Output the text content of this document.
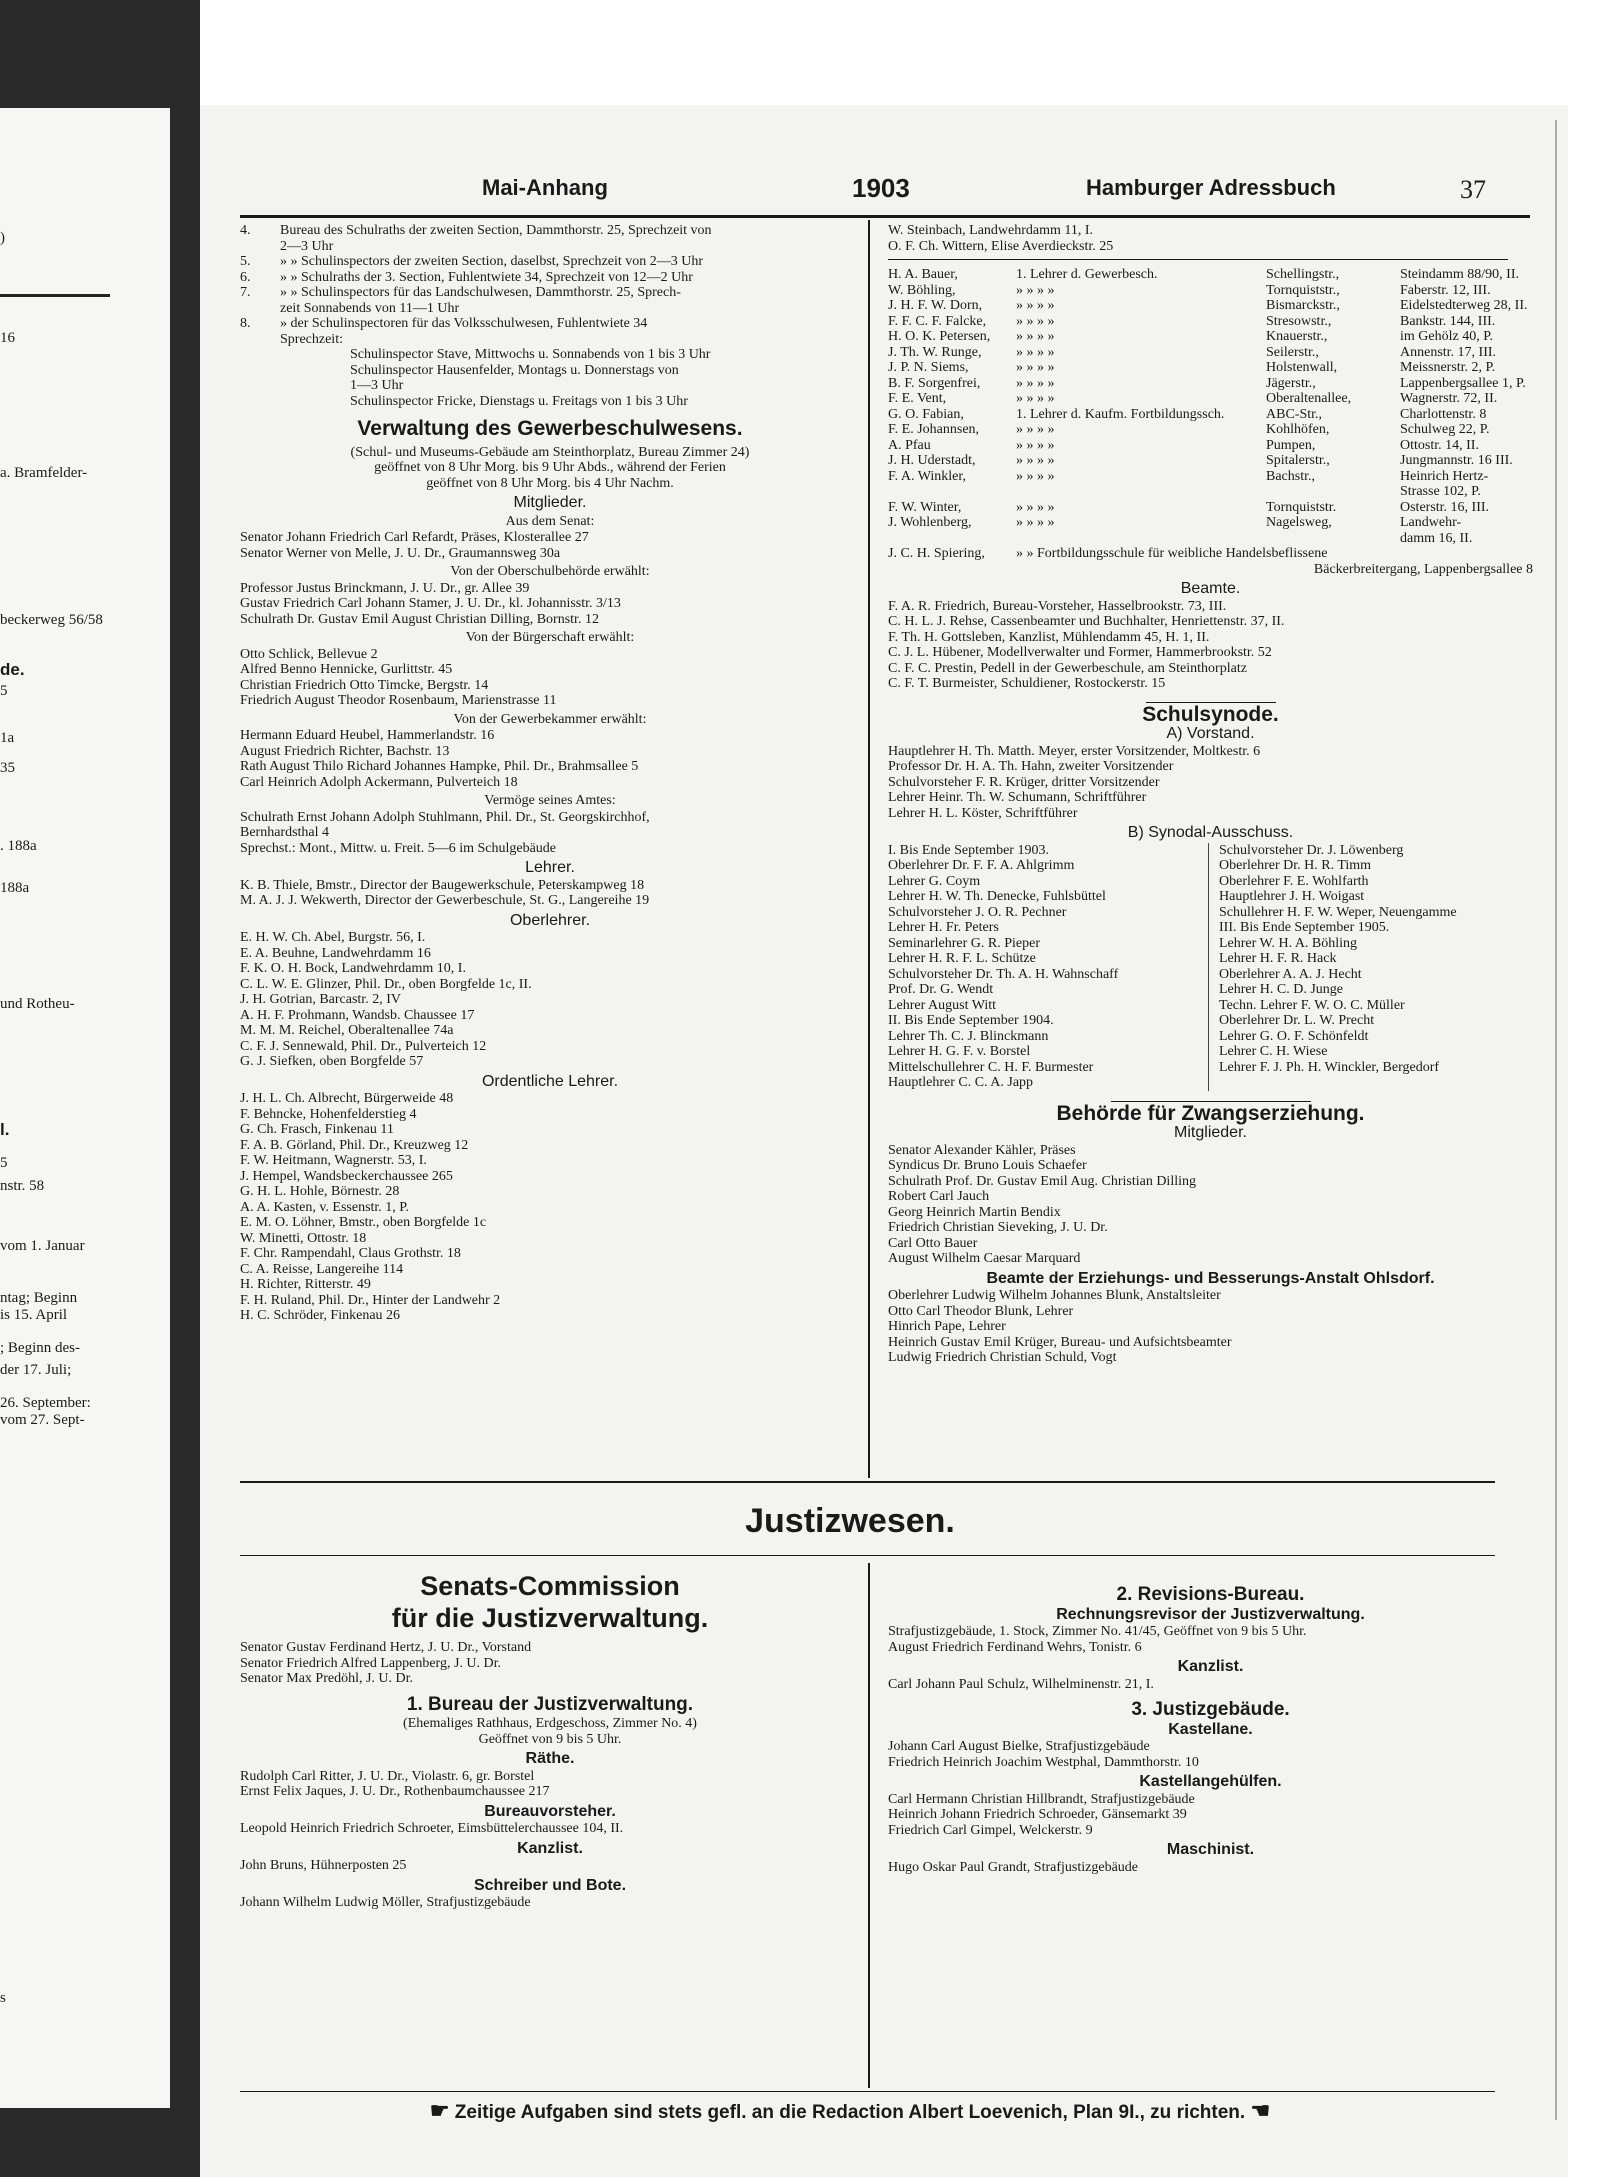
)
16
a. Bramfelder-
beckerweg 56/58
de.
5
1a
35
. 188a
188a
und Rotheu-
l.
5
nstr. 58
vom 1. Januar
ntag; Beginn
is 15. April
; Beginn des-
der 17. Juli;
26. September:
vom 27. Sept-
s
Mai-Anhang	1903	Hamburger Adressbuch	37
4. Bureau des Schulraths der zweiten Section, Dammthorstr. 25, Sprechzeit von
2—3 Uhr
5. » » Schulinspectors der zweiten Section, daselbst, Sprechzeit von 2—3 Uhr
6. » » Schulraths der 3. Section, Fuhlentwiete 34, Sprechzeit von 12—2 Uhr
7. » » Schulinspectors für das Landschulwesen, Dammthorstr. 25, Sprech-
zeit Sonnabends von 11—1 Uhr
8. » der Schulinspectoren für das Volksschulwesen, Fuhlentwiete 34
Sprechzeit:
Schulinspector Stave, Mittwochs u. Sonnabends von 1 bis 3 Uhr
Schulinspector Hausenfelder, Montags u. Donnerstags von
1—3 Uhr
Schulinspector Fricke, Dienstags u. Freitags von 1 bis 3 Uhr
Verwaltung des Gewerbeschulwesens.
(Schul- und Museums-Gebäude am Steinthorplatz, Bureau Zimmer 24)
geöffnet von 8 Uhr Morg. bis 9 Uhr Abds., während der Ferien
geöffnet von 8 Uhr Morg. bis 4 Uhr Nachm.
Mitglieder.
Aus dem Senat:
Senator Johann Friedrich Carl Refardt, Präses, Klosterallee 27
Senator Werner von Melle, J. U. Dr., Graumannsweg 30a
Von der Oberschulbehörde erwählt:
Professor Justus Brinckmann, J. U. Dr., gr. Allee 39
Gustav Friedrich Carl Johann Stamer, J. U. Dr., kl. Johannisstr. 3/13
Schulrath Dr. Gustav Emil August Christian Dilling, Bornstr. 12
Von der Bürgerschaft erwählt:
Otto Schlick, Bellevue 2
Alfred Benno Hennicke, Gurlittstr. 45
Christian Friedrich Otto Timcke, Bergstr. 14
Friedrich August Theodor Rosenbaum, Marienstrasse 11
Von der Gewerbekammer erwählt:
Hermann Eduard Heubel, Hammerlandstr. 16
August Friedrich Richter, Bachstr. 13
Rath August Thilo Richard Johannes Hampke, Phil. Dr., Brahmsallee 5
Carl Heinrich Adolph Ackermann, Pulverteich 18
Vermöge seines Amtes:
Schulrath Ernst Johann Adolph Stuhlmann, Phil. Dr., St. Georgskirchhof,
Bernhardsthal 4
Sprechst.: Mont., Mittw. u. Freit. 5—6 im Schulgebäude
Lehrer.
K. B. Thiele, Bmstr., Director der Baugewerkschule, Peterskampweg 18
M. A. J. J. Wekwerth, Director der Gewerbeschule, St. G., Langereihe 19
Oberlehrer.
E. H. W. Ch. Abel, Burgstr. 56, I.
E. A. Beuhne, Landwehrdamm 16
F. K. O. H. Bock, Landwehrdamm 10, I.
C. L. W. E. Glinzer, Phil. Dr., oben Borgfelde 1c, II.
J. H. Gotrian, Barcastr. 2, IV
A. H. F. Prohmann, Wandsb. Chaussee 17
M. M. M. Reichel, Oberaltenallee 74a
C. F. J. Sennewald, Phil. Dr., Pulverteich 12
G. J. Siefken, oben Borgfelde 57
Ordentliche Lehrer.
J. H. L. Ch. Albrecht, Bürgerweide 48
F. Behncke, Hohenfelderstieg 4
G. Ch. Frasch, Finkenau 11
F. A. B. Görland, Phil. Dr., Kreuzweg 12
F. W. Heitmann, Wagnerstr. 53, I.
J. Hempel, Wandsbeckerchaussee 265
G. H. L. Hohle, Börnestr. 28
A. A. Kasten, v. Essenstr. 1, P.
E. M. O. Löhner, Bmstr., oben Borgfelde 1c
W. Minetti, Ottostr. 18
F. Chr. Rampendahl, Claus Grothstr. 18
C. A. Reisse, Langereihe 114
H. Richter, Ritterstr. 49
F. H. Ruland, Phil. Dr., Hinter der Landwehr 2
H. C. Schröder, Finkenau 26
W. Steinbach, Landwehrdamm 11, I.
O. F. Ch. Wittern, Elise Averdieckstr. 25
H. A. Bauer,	1. Lehrer d. Gewerbesch.	Schellingstr.,	Steindamm 88/90, II.
W. Böhling,	» » » »	Tornquiststr.,	Faberstr. 12, III.
J. H. F. W. Dorn,	» » » »	Bismarckstr.,	Eidelstedterweg 28, II.
F. F. C. F. Falcke,	» » » »	Stresowstr.,	Bankstr. 144, III.
H. O. K. Petersen,	» » » »	Knauerstr.,	im Gehölz 40, P.
J. Th. W. Runge,	» » » »	Seilerstr.,	Annenstr. 17, III.
J. P. N. Siems,	» » » »	Holstenwall,	Meissnerstr. 2, P.
B. F. Sorgenfrei,	» » » »	Jägerstr.,	Lappenbergsallee 1, P.
F. E. Vent,	» » » »	Oberaltenallee,	Wagnerstr. 72, II.
G. O. Fabian,	1. Lehrer d. Kaufm. Fortbildungssch.	ABC-Str.,	Charlottenstr. 8
F. E. Johannsen,	» » » »	Kohlhöfen,	Schulweg 22, P.
A. Pfau	» » » »	Pumpen,	Ottostr. 14, II.
J. H. Uderstadt,	» » » »	Spitalerstr.,	Jungmannstr. 16 III.
F. A. Winkler,	» » » »	Bachstr.,	Heinrich Hertz-
Strasse 102, P.
F. W. Winter,	» » » »	Tornquiststr.	Osterstr. 16, III.
J. Wohlenberg,	» » » »	Nagelsweg,	Landwehr-
damm 16, II.
J. C. H. Spiering,	» » Fortbildungsschule für weibliche Handelsbeflissene
Bäckerbreitergang, Lappenbergsallee 8
Beamte.
F. A. R. Friedrich, Bureau-Vorsteher, Hasselbrookstr. 73, III.
C. H. L. J. Rehse, Cassenbeamter und Buchhalter, Henriettenstr. 37, II.
F. Th. H. Gottsleben, Kanzlist, Mühlendamm 45, H. 1, II.
C. J. L. Hübener, Modellverwalter und Former, Hammerbrookstr. 52
C. F. C. Prestin, Pedell in der Gewerbeschule, am Steinthorplatz
C. F. T. Burmeister, Schuldiener, Rostockerstr. 15
Schulsynode.
A) Vorstand.
Hauptlehrer H. Th. Matth. Meyer, erster Vorsitzender, Moltkestr. 6
Professor Dr. H. A. Th. Hahn, zweiter Vorsitzender
Schulvorsteher F. R. Krüger, dritter Vorsitzender
Lehrer Heinr. Th. W. Schumann, Schriftführer
Lehrer H. L. Köster, Schriftführer
B) Synodal-Ausschuss.
I. Bis Ende September 1903.
Oberlehrer Dr. F. F. A. Ahlgrimm
Lehrer G. Coym
Lehrer H. W. Th. Denecke, Fuhlsbüttel
Schulvorsteher J. O. R. Pechner
Lehrer H. Fr. Peters
Seminarlehrer G. R. Pieper
Lehrer H. R. F. L. Schütze
Schulvorsteher Dr. Th. A. H. Wahnschaff
Prof. Dr. G. Wendt
Lehrer August Witt
II. Bis Ende September 1904.
Lehrer Th. C. J. Blinckmann
Lehrer H. G. F. v. Borstel
Mittelschullehrer C. H. F. Burmester
Hauptlehrer C. C. A. Japp
Schulvorsteher Dr. J. Löwenberg
Oberlehrer Dr. H. R. Timm
Oberlehrer F. E. Wohlfarth
Hauptlehrer J. H. Woigast
Schullehrer H. F. W. Weper, Neuengamme
III. Bis Ende September 1905.
Lehrer W. H. A. Böhling
Lehrer H. F. R. Hack
Oberlehrer A. A. J. Hecht
Lehrer H. C. D. Junge
Techn. Lehrer F. W. O. C. Müller
Oberlehrer Dr. L. W. Precht
Lehrer G. O. F. Schönfeldt
Lehrer C. H. Wiese
Lehrer F. J. Ph. H. Winckler, Bergedorf
Behörde für Zwangserziehung.
Mitglieder.
Senator Alexander Kähler, Präses
Syndicus Dr. Bruno Louis Schaefer
Schulrath Prof. Dr. Gustav Emil Aug. Christian Dilling
Robert Carl Jauch
Georg Heinrich Martin Bendix
Friedrich Christian Sieveking, J. U. Dr.
Carl Otto Bauer
August Wilhelm Caesar Marquard
Beamte der Erziehungs- und Besserungs-Anstalt Ohlsdorf.
Oberlehrer Ludwig Wilhelm Johannes Blunk, Anstaltsleiter
Otto Carl Theodor Blunk, Lehrer
Hinrich Pape, Lehrer
Heinrich Gustav Emil Krüger, Bureau- und Aufsichtsbeamter
Ludwig Friedrich Christian Schuld, Vogt
Justizwesen.
Senats-Commission
für die Justizverwaltung.
Senator Gustav Ferdinand Hertz, J. U. Dr., Vorstand
Senator Friedrich Alfred Lappenberg, J. U. Dr.
Senator Max Predöhl, J. U. Dr.
1. Bureau der Justizverwaltung.
(Ehemaliges Rathhaus, Erdgeschoss, Zimmer No. 4)
Geöffnet von 9 bis 5 Uhr.
Räthe.
Rudolph Carl Ritter, J. U. Dr., Violastr. 6, gr. Borstel
Ernst Felix Jaques, J. U. Dr., Rothenbaumchaussee 217
Bureauvorsteher.
Leopold Heinrich Friedrich Schroeter, Eimsbüttelerchaussee 104, II.
Kanzlist.
John Bruns, Hühnerposten 25
Schreiber und Bote.
Johann Wilhelm Ludwig Möller, Strafjustizgebäude
2. Revisions-Bureau.
Rechnungsrevisor der Justizverwaltung.
Strafjustizgebäude, 1. Stock, Zimmer No. 41/45, Geöffnet von 9 bis 5 Uhr.
August Friedrich Ferdinand Wehrs, Tonistr. 6
Kanzlist.
Carl Johann Paul Schulz, Wilhelminenstr. 21, I.
3. Justizgebäude.
Kastellane.
Johann Carl August Bielke, Strafjustizgebäude
Friedrich Heinrich Joachim Westphal, Dammthorstr. 10
Kastellangehülfen.
Carl Hermann Christian Hillbrandt, Strafjustizgebäude
Heinrich Johann Friedrich Schroeder, Gänsemarkt 39
Friedrich Carl Gimpel, Welckerstr. 9
Maschinist.
Hugo Oskar Paul Grandt, Strafjustizgebäude
☛ Zeitige Aufgaben sind stets gefl. an die Redaction Albert Loevenich, Plan 9I., zu richten. ☚
